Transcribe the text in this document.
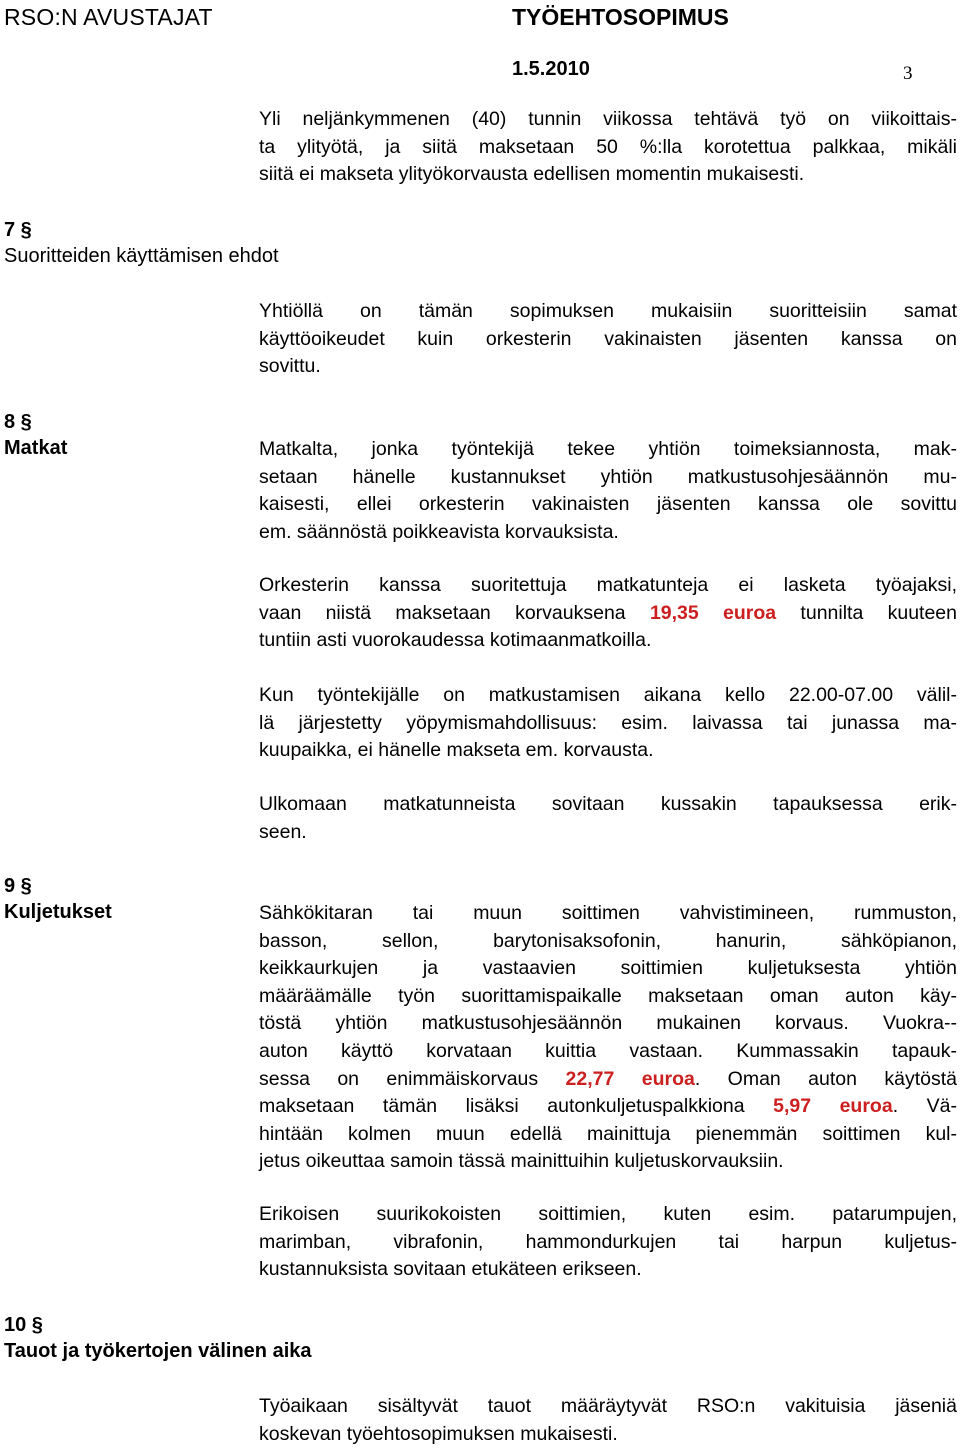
RSO:N AVUSTAJAT	TYÖEHTOSOPIMUS
1.5.2010	3
Yli neljänkymmenen (40) tunnin viikossa tehtävä työ on viikoittais-
ta ylityötä, ja siitä maksetaan 50 %:lla korotettua palkkaa, mikäli
siitä ei makseta ylityökorvausta edellisen momentin mukaisesti.
7 §
Suoritteiden käyttämisen ehdot
Yhtiöllä on tämän sopimuksen mukaisiin suoritteisiin samat
käyttöoikeudet kuin orkesterin vakinaisten jäsenten kanssa on
sovittu.
8 §
Matkat	Matkalta, jonka työntekijä tekee yhtiön toimeksiannosta, mak-
setaan hänelle kustannukset yhtiön matkustusohjesäännön mu-
kaisesti, ellei orkesterin vakinaisten jäsenten kanssa ole sovittu
em. säännöstä poikkeavista korvauksista.
Orkesterin kanssa suoritettuja matkatunteja ei lasketa työajaksi,
vaan niistä maksetaan korvauksena 19,35 euroa tunnilta kuuteen
tuntiin asti vuorokaudessa kotimaanmatkoilla.
Kun työntekijälle on matkustamisen aikana kello 22.00-07.00 välil-
lä järjestetty yöpymismahdollisuus: esim. laivassa tai junassa ma-
kuupaikka, ei hänelle makseta em. korvausta.
Ulkomaan matkatunneista sovitaan kussakin tapauksessa erik-
seen.
9 §
Kuljetukset	Sähkökitaran tai muun soittimen vahvistimineen, rummuston,
basson, sellon, barytonisaksofonin, hanurin, sähköpianon,
keikkaurkujen ja vastaavien soittimien kuljetuksesta yhtiön
määräämälle työn suorittamispaikalle maksetaan oman auton käy-
töstä yhtiön matkustusohjesäännön mukainen korvaus. Vuokra--
auton käyttö korvataan kuittia vastaan. Kummassakin tapauk-
sessa on enimmäiskorvaus 22,77 euroa. Oman auton käytöstä
maksetaan tämän lisäksi autonkuljetuspalkkiona 5,97 euroa. Vä-
hintään kolmen muun edellä mainittuja pienemmän soittimen kul-
jetus oikeuttaa samoin tässä mainittuihin kuljetuskorvauksiin.
Erikoisen suurikokoisten soittimien, kuten esim. patarumpujen,
marimban, vibrafonin, hammondurkujen tai harpun kuljetus-
kustannuksista sovitaan etukäteen erikseen.
10 §
Tauot ja työkertojen välinen aika
Työaikaan sisältyvät tauot määräytyvät RSO:n vakituisia jäseniä
koskevan työehtosopimuksen mukaisesti.
